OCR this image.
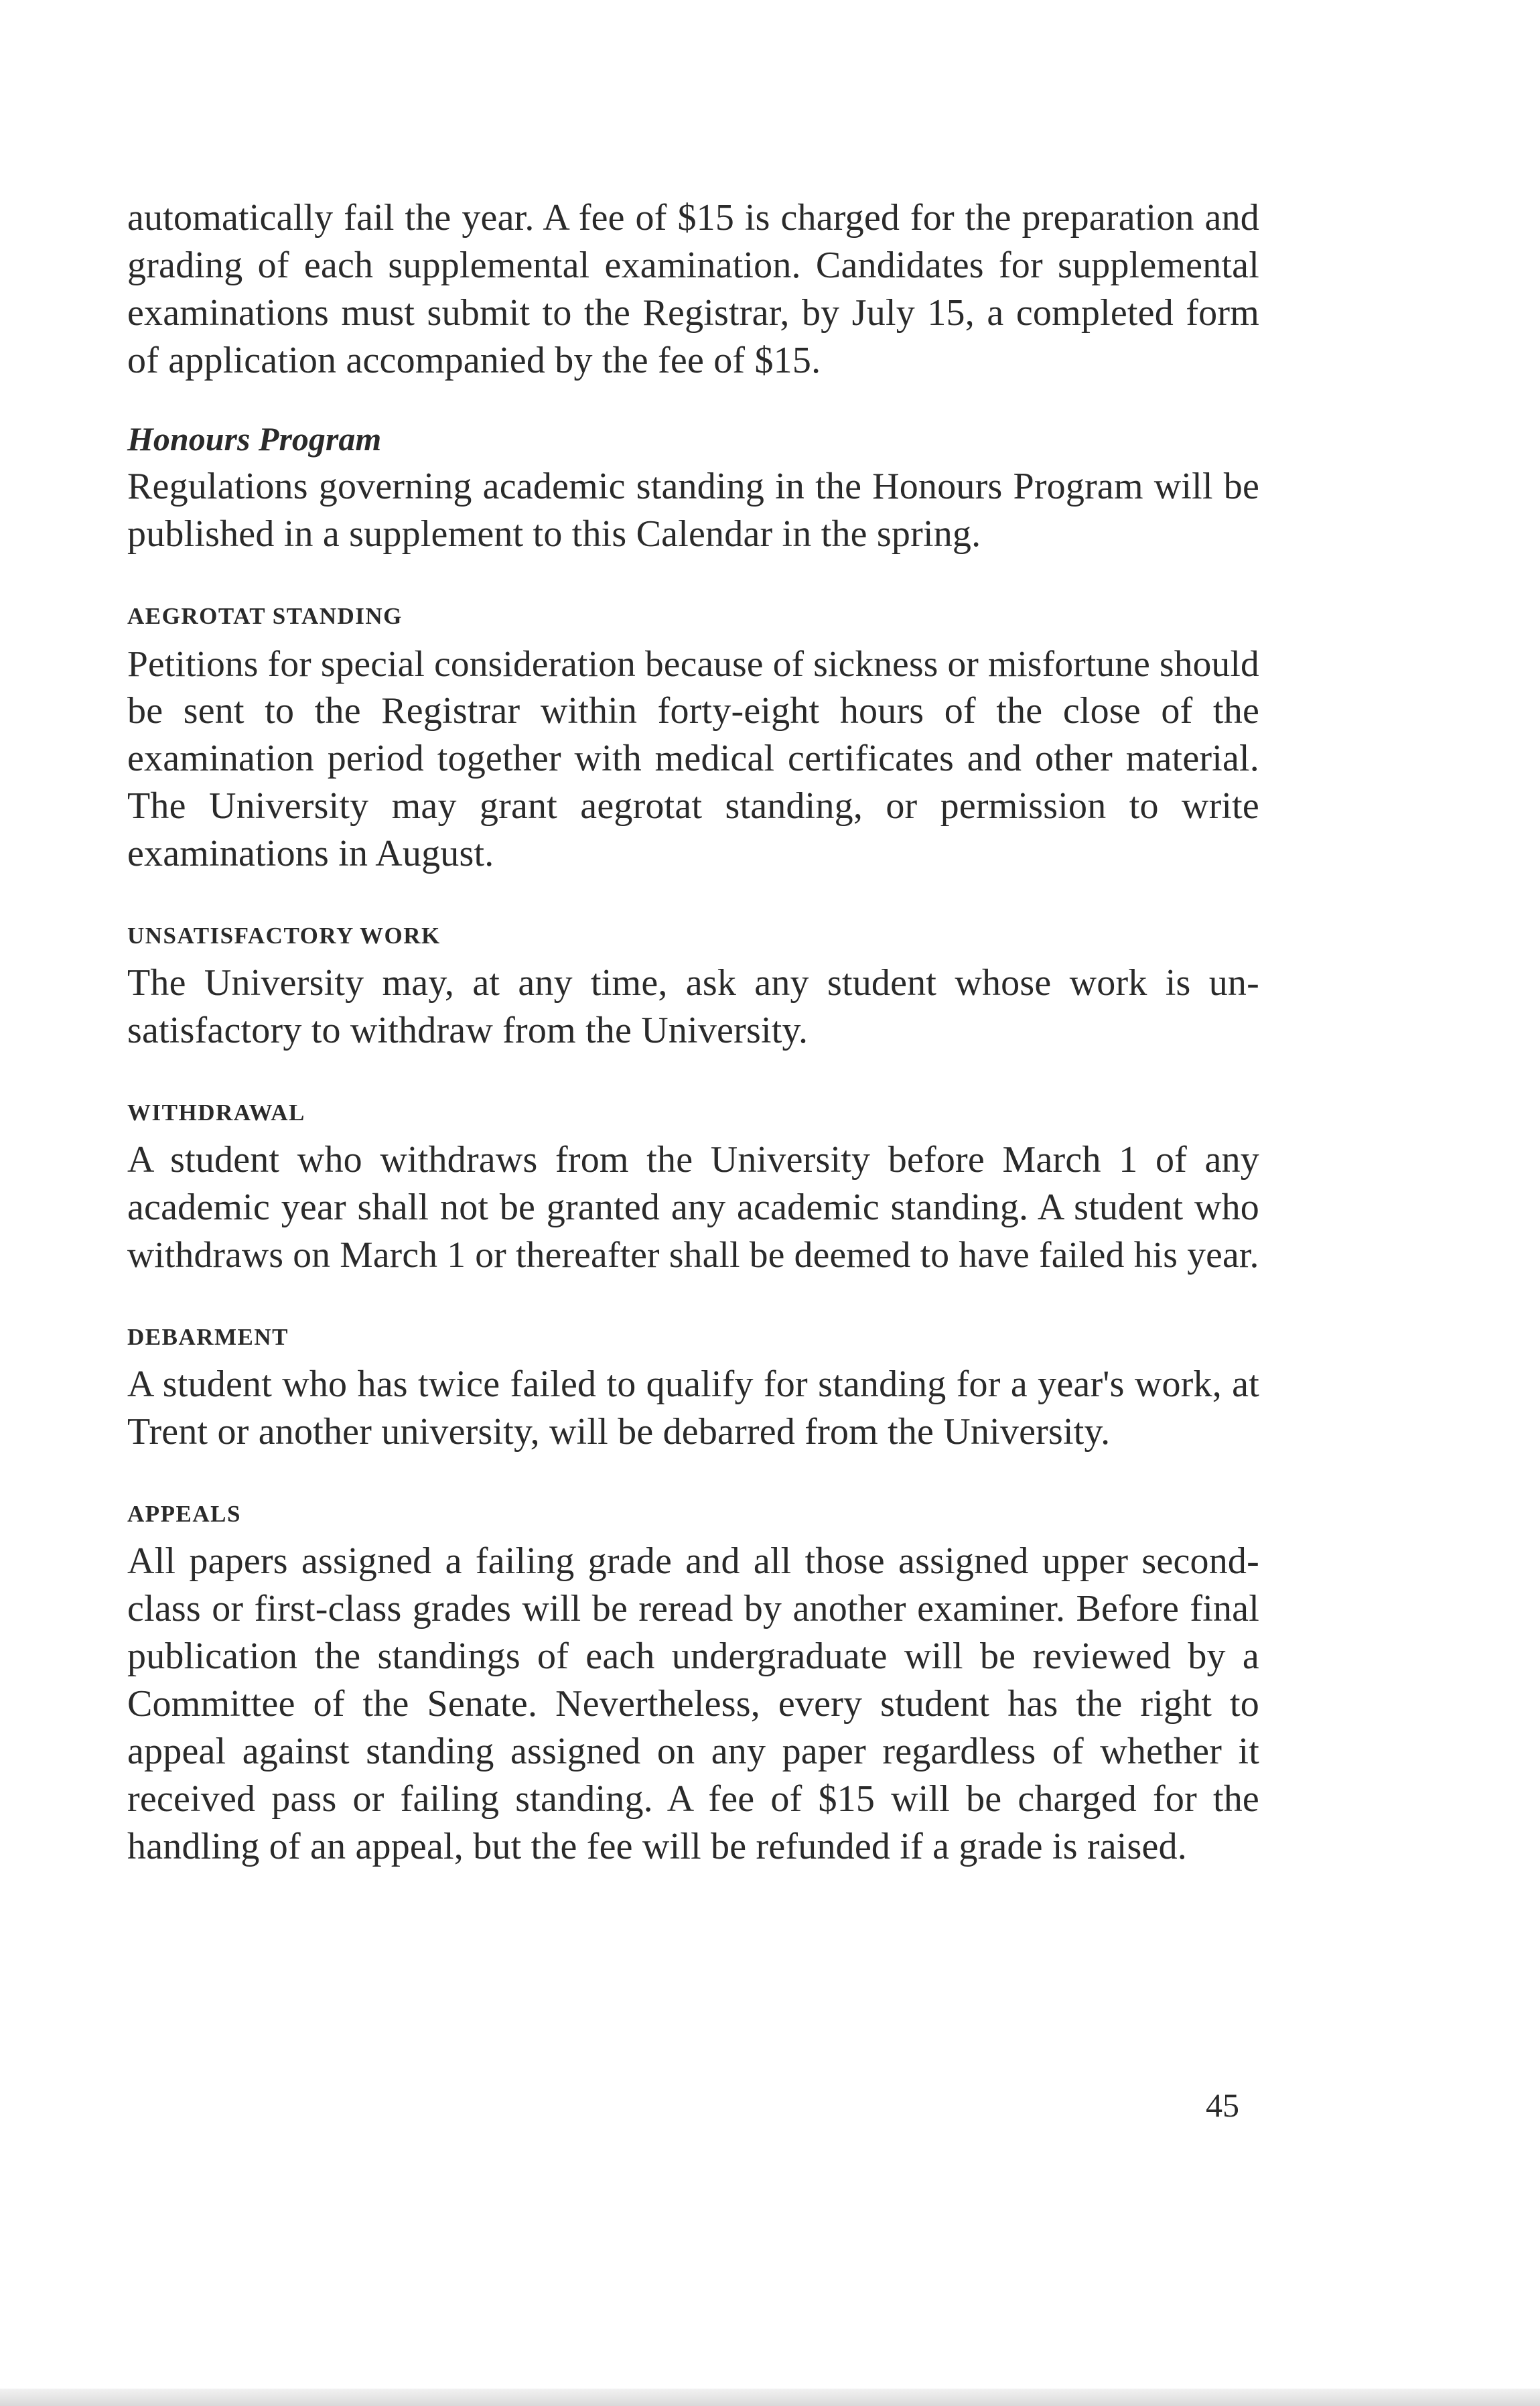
automatically fail the year. A fee of $15 is charged for the preparation and
grading of each supplemental examination. Candidates for supplemental
examinations must submit to the Registrar, by July 15, a completed form
of application accompanied by the fee of $15.

Honours Program

Regulations governing academic standing in the Honours Program will be
published in a supplement to this Calendar in the spring.

AEGROTAT STANDING

Petitions for special consideration because of sickness or misfortune should
be sent to the Registrar within forty-eight hours of the close of the
examination period together with medical certificates and other material.
The University may grant aegrotat standing, or permission to write
examinations in August.

UNSATISFACTORY WORK

The University may, at any time, ask any student whose work is un-
satisfactory to withdraw from the University.

WITHDRAWAL

A student who withdraws from the University before March 1 of any
academic year shall not be granted any academic standing. A student who
withdraws on March 1 or thereafter shall be deemed to have failed his year.

DEBARMENT

A student who has twice failed to qualify for standing for a year's work, at
Trent or another university, will be debarred from the University.

APPEALS

All papers assigned a failing grade and all those assigned upper second-
class or first-class grades will be reread by another examiner. Before final
publication the standings of each undergraduate will be reviewed by a
Committee of the Senate. Nevertheless, every student has the right to
appeal against standing assigned on any paper regardless of whether it
received pass or failing standing. A fee of $15 will be charged for the
handling of an appeal, but the fee will be refunded if a grade is raised.

45
